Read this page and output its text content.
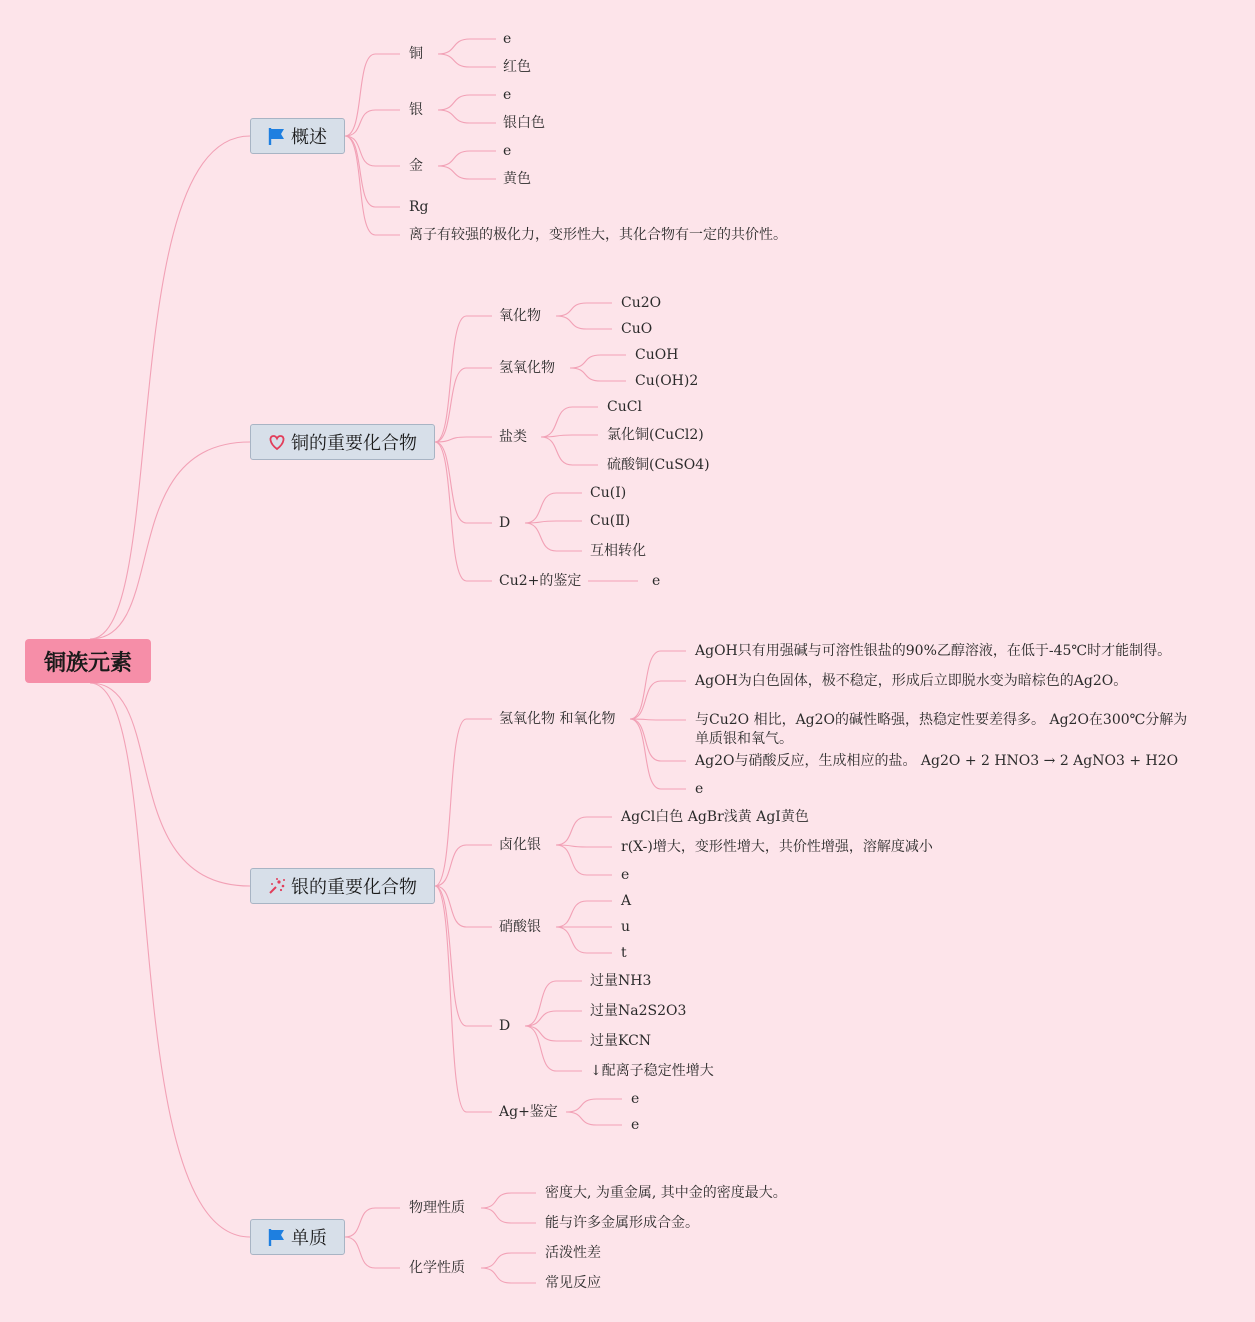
铜族元素
概述
铜的重要化合物
银的重要化合物
单质
铜
e
红色
银
e
银白色
金
e
黄色
Rg
离子有较强的极化力，变形性大，其化合物有一定的共价性。
氧化物
Cu2O
CuO
氢氧化物
CuOH
Cu(OH)2
盐类
CuCl
氯化铜(CuCl2)
硫酸铜(CuSO4)
D
Cu(I)
Cu(Ⅱ)
互相转化
Cu2+的鉴定	e
氢氧化物 和氧化物
AgOH只有用强碱与可溶性银盐的90%乙醇溶液，在低于-45℃时才能制得。
AgOH为白色固体，极不稳定，形成后立即脱水变为暗棕色的Ag2O。
与Cu2O 相比，Ag2O的碱性略强，热稳定性要差得多。 Ag2O在300℃分解为单质银和氧气。
Ag2O与硝酸反应，生成相应的盐。 Ag2O + 2 HNO3 → 2 AgNO3 + H2O
e
卤化银
AgCl白色 AgBr浅黄 AgI黄色
r(X-)增大，变形性增大，共价性增强，溶解度减小
e
硝酸银
A
u
t
D
过量NH3
过量Na2S2O3
过量KCN
↓配离子稳定性增大
Ag+鉴定
e
e
物理性质
密度大, 为重金属, 其中金的密度最大。
能与许多金属形成合金。
化学性质
活泼性差
常见反应
